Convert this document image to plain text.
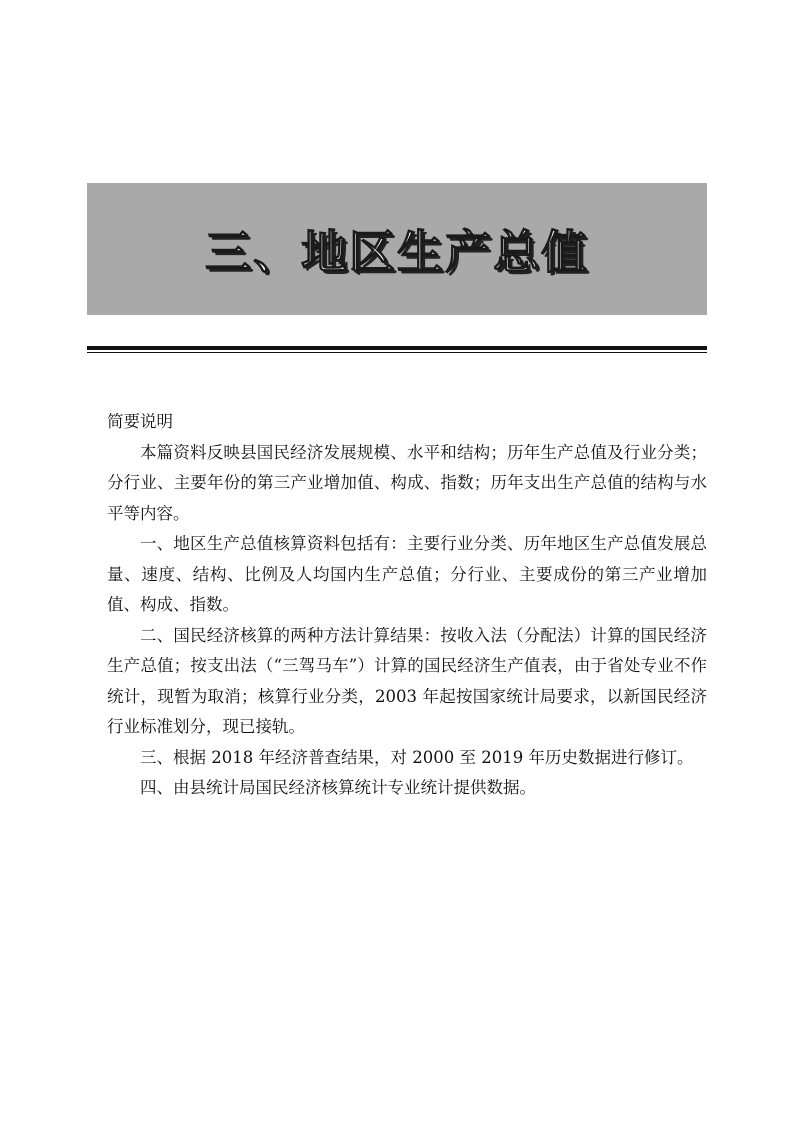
三、地区生产总值
简要说明

本篇资料反映县国民经济发展规模、水平和结构；历年生产总值及行业分类；分行业、主要年份的第三产业增加值、构成、指数；历年支出生产总值的结构与水平等内容。

一、地区生产总值核算资料包括有：主要行业分类、历年地区生产总值发展总量、速度、结构、比例及人均国内生产总值；分行业、主要成份的第三产业增加值、构成、指数。

二、国民经济核算的两种方法计算结果：按收入法（分配法）计算的国民经济生产总值；按支出法（“三驾马车”）计算的国民经济生产值表，由于省处专业不作统计，现暂为取消；核算行业分类，2003 年起按国家统计局要求，以新国民经济行业标准划分，现已接轨。

三、根据 2018 年经济普查结果，对 2000 至 2019 年历史数据进行修订。

四、由县统计局国民经济核算统计专业统计提供数据。
